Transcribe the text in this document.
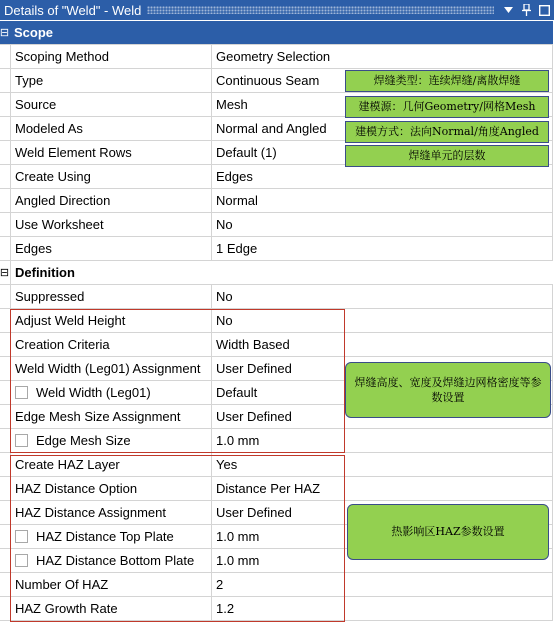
Details of "Weld" - Weld
⊟ Scope
Scoping Method	Geometry Selection
Type	Continuous Seam
Source	Mesh
Modeled As	Normal and Angled
Weld Element Rows	Default (1)
Create Using	Edges
Angled Direction	Normal
Use Worksheet	No
Edges	1 Edge
⊟ Definition
Suppressed	No
Adjust Weld Height	No
Creation Criteria	Width Based
Weld Width (Leg01) Assignment	User Defined
Weld Width (Leg01)	Default
Edge Mesh Size Assignment	User Defined
Edge Mesh Size	1.0 mm
Create HAZ Layer	Yes
HAZ Distance Option	Distance Per HAZ
HAZ Distance Assignment	User Defined
HAZ Distance Top Plate	1.0 mm
HAZ Distance Bottom Plate	1.0 mm
Number Of HAZ	2
HAZ Growth Rate	1.2
焊缝类型：连续焊缝/离散焊缝
建模源：几何Geometry/网格Mesh
建模方式：法向Normal/角度Angled
焊缝单元的层数
焊缝高度、宽度及焊缝边网格密度等参数设置
热影响区HAZ参数设置
